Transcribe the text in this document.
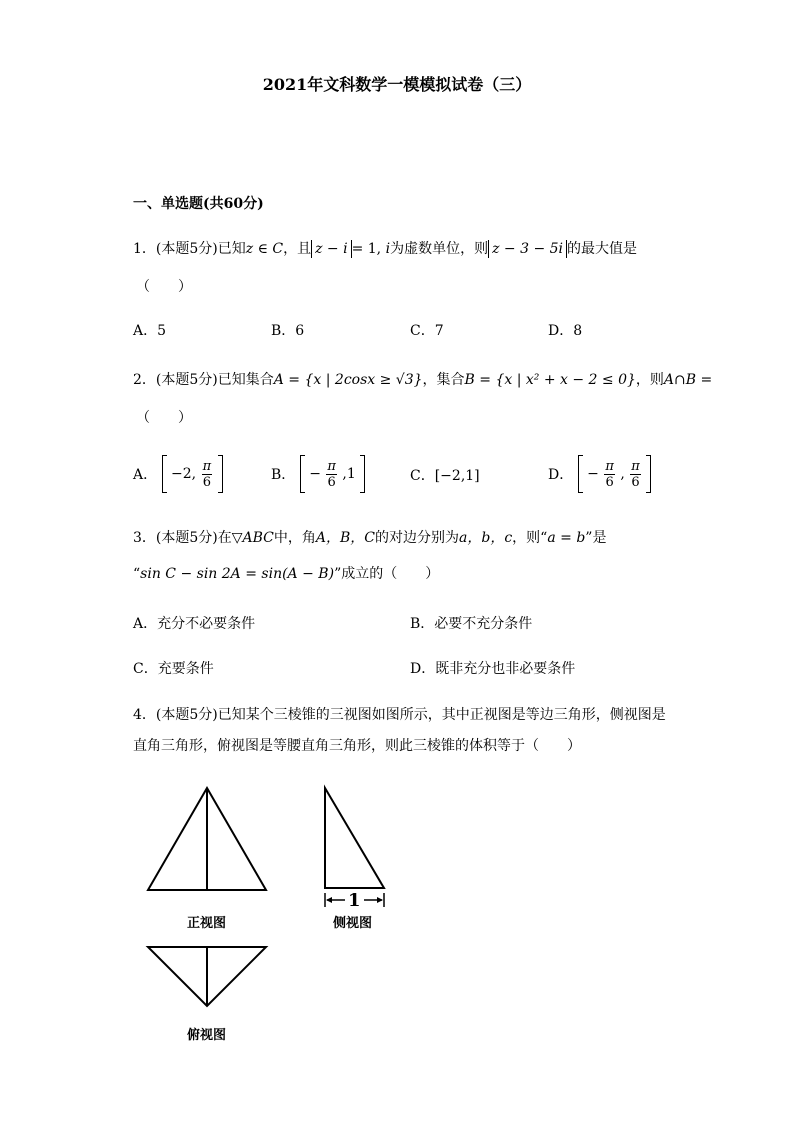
2021年文科数学一模模拟试卷（三）
一、单选题(共60分)
1．(本题5分)已知z ∈ C，且 z − i = 1, i为虚数单位，则 z − 3 − 5i 的最大值是
（　　）
A．5	B．6	C．7	D．8
2．(本题5分)已知集合A = {x | 2cosx ≥ √3}，集合B = {x | x² + x − 2 ≤ 0}，则A∩B =
（　　）
A． −2, $\frac{\pi}{6}$
	B． − $\frac{\pi}{6} ,1$	C．[−2,1]	D． − $\frac{\pi}{6}$ , $\frac{\pi}{6}$

3．(本题5分)在▽ABC中，角A，B，C的对边分别为a，b，c，则“a = b”是
“sin C − sin 2A = sin(A − B)”成立的（　　）
A．充分不必要条件	B．必要不充分条件
C．充要条件	D．既非充分也非必要条件
4．(本题5分)已知某个三棱锥的三视图如图所示，其中正视图是等边三角形，侧视图是
直角三角形，俯视图是等腰直角三角形，则此三棱锥的体积等于（　　）
1
正视图	侧视图
俯视图
